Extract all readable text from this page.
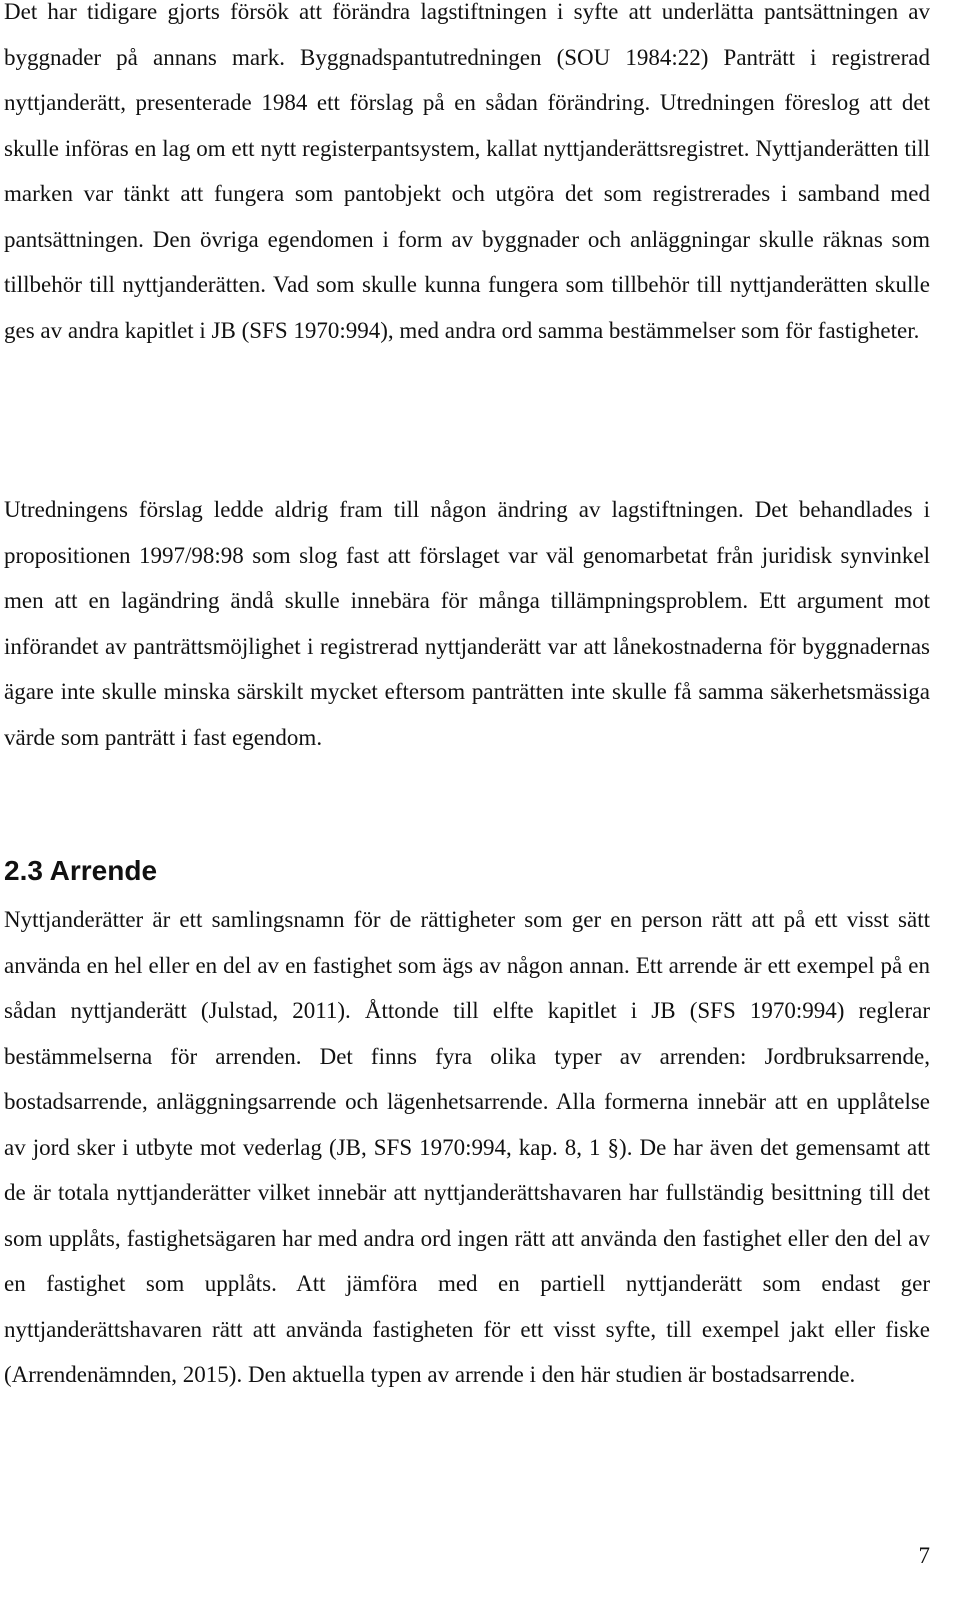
Det har tidigare gjorts försök att förändra lagstiftningen i syfte att underlätta pantsättningen av byggnader på annans mark. Byggnadspantutredningen (SOU 1984:22) Panträtt i registrerad nyttjanderätt, presenterade 1984 ett förslag på en sådan förändring. Utredningen föreslog att det skulle införas en lag om ett nytt registerpantsystem, kallat nyttjanderättsregistret. Nyttjanderätten till marken var tänkt att fungera som pantobjekt och utgöra det som registrerades i samband med pantsättningen. Den övriga egendomen i form av byggnader och anläggningar skulle räknas som tillbehör till nyttjanderätten. Vad som skulle kunna fungera som tillbehör till nyttjanderätten skulle ges av andra kapitlet i JB (SFS 1970:994), med andra ord samma bestämmelser som för fastigheter.

Utredningens förslag ledde aldrig fram till någon ändring av lagstiftningen. Det behandlades i propositionen 1997/98:98 som slog fast att förslaget var väl genomarbetat från juridisk synvinkel men att en lagändring ändå skulle innebära för många tillämpningsproblem. Ett argument mot införandet av panträttsmöjlighet i registrerad nyttjanderätt var att lånekostnaderna för byggnadernas ägare inte skulle minska särskilt mycket eftersom panträtten inte skulle få samma säkerhetsmässiga värde som panträtt i fast egendom.

2.3 Arrende

Nyttjanderätter är ett samlingsnamn för de rättigheter som ger en person rätt att på ett visst sätt använda en hel eller en del av en fastighet som ägs av någon annan. Ett arrende är ett exempel på en sådan nyttjanderätt (Julstad, 2011). Åttonde till elfte kapitlet i JB (SFS 1970:994) reglerar bestämmelserna för arrenden. Det finns fyra olika typer av arrenden: Jordbruksarrende, bostadsarrende, anläggningsarrende och lägenhetsarrende. Alla formerna innebär att en upplåtelse av jord sker i utbyte mot vederlag (JB, SFS 1970:994, kap. 8, 1 §). De har även det gemensamt att de är totala nyttjanderätter vilket innebär att nyttjanderättshavaren har fullständig besittning till det som upplåts, fastighetsägaren har med andra ord ingen rätt att använda den fastighet eller den del av en fastighet som upplåts. Att jämföra med en partiell nyttjanderätt som endast ger nyttjanderättshavaren rätt att använda fastigheten för ett visst syfte, till exempel jakt eller fiske (Arrendenämnden, 2015). Den aktuella typen av arrende i den här studien är bostadsarrende.

7
